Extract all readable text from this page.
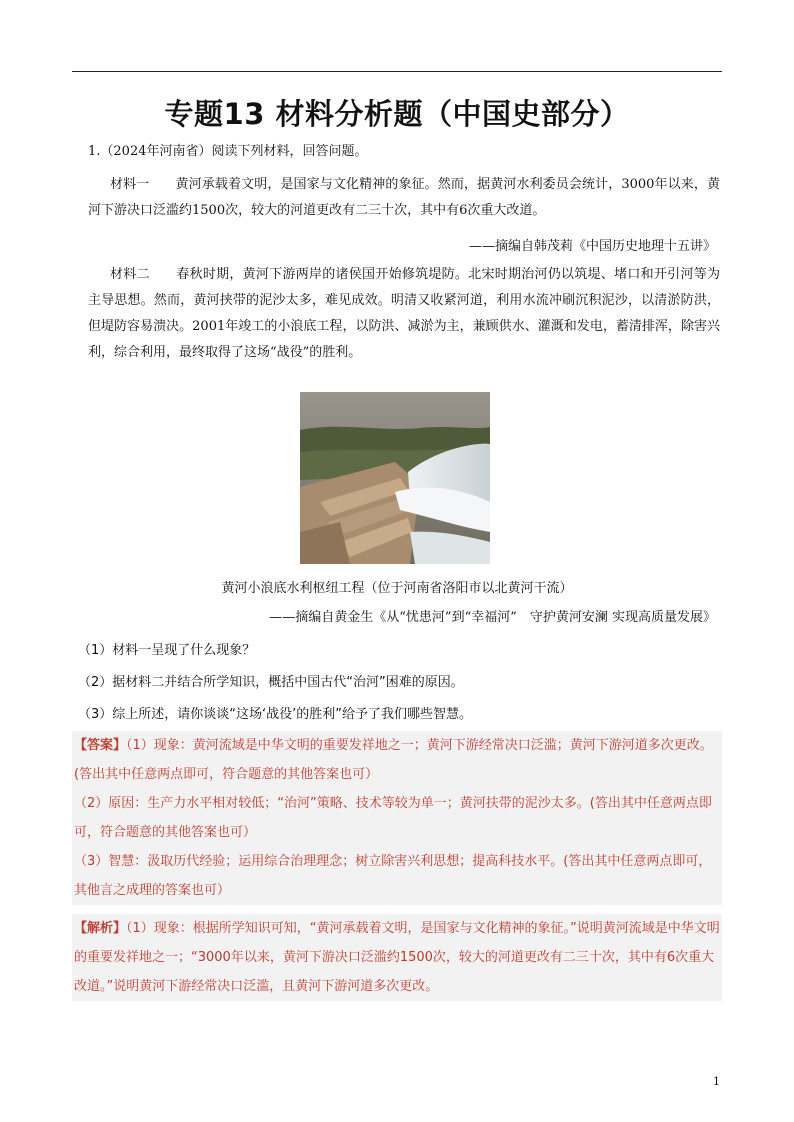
专题13 材料分析题（中国史部分）
1.（2024年河南省）阅读下列材料，回答问题。
材料一　　黄河承载着文明，是国家与文化精神的象征。然而，据黄河水利委员会统计，3000年以来，黄河下游决口泛滥约1500次，较大的河道更改有二三十次，其中有6次重大改道。
——摘编自韩茂莉《中国历史地理十五讲》
材料二　　春秋时期，黄河下游两岸的诸侯国开始修筑堤防。北宋时期治河仍以筑堤、堵口和开引河等为主导思想。然而，黄河挟带的泥沙太多，难见成效。明清又收紧河道，利用水流冲刷沉积泥沙，以清淤防洪，但堤防容易溃决。2001年竣工的小浪底工程，以防洪、减淤为主，兼顾供水、灌溉和发电，蓄清排浑，除害兴利，综合利用，最终取得了这场“战役”的胜利。
黄河小浪底水利枢纽工程（位于河南省洛阳市以北黄河干流）
——摘编自黄金生《从“忧患河”到“幸福河”　守护黄河安澜 实现高质量发展》
（1）材料一呈现了什么现象？
（2）据材料二并结合所学知识，概括中国古代“治河”困难的原因。
（3）综上所述，请你谈谈“这场‘战役’的胜利”给予了我们哪些智慧。
【答案】（1）现象：黄河流域是中华文明的重要发祥地之一；黄河下游经常决口泛滥；黄河下游河道多次更改。(答出其中任意两点即可，符合题意的其他答案也可）
（2）原因：生产力水平相对较低；“治河”策略、技术等较为单一；黄河扶带的泥沙太多。(答出其中任意两点即可，符合题意的其他答案也可）
（3）智慧：汲取历代经验；运用综合治理理念；树立除害兴利思想；提高科技水平。(答出其中任意两点即可，其他言之成理的答案也可）
【解析】（1）现象：根据所学知识可知，“黄河承载着文明，是国家与文化精神的象征。”说明黄河流域是中华文明的重要发祥地之一；“3000年以来，黄河下游决口泛滥约1500次，较大的河道更改有二三十次，其中有6次重大改道。”说明黄河下游经常决口泛滥，且黄河下游河道多次更改。
1
